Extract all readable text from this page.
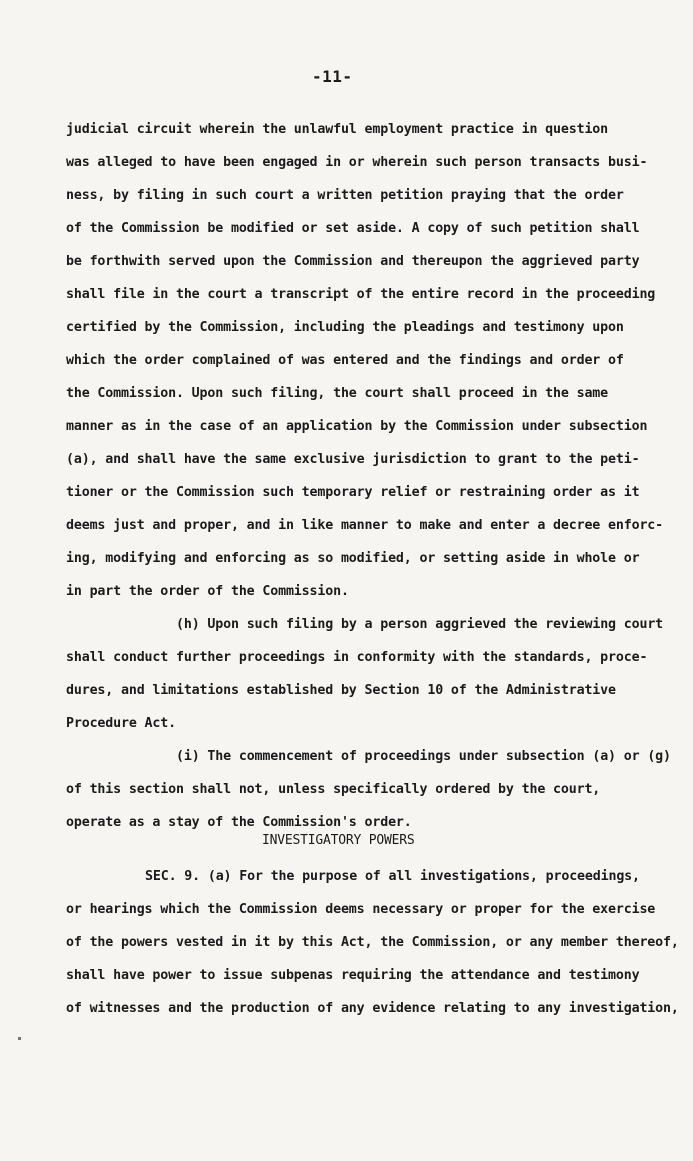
-11-
judicial circuit wherein the unlawful employment practice in question
was alleged to have been engaged in or wherein such person transacts busi-
ness, by filing in such court a written petition praying that the order
of the Commission be modified or set aside. A copy of such petition shall
be forthwith served upon the Commission and thereupon the aggrieved party
shall file in the court a transcript of the entire record in the proceeding
certified by the Commission, including the pleadings and testimony upon
which the order complained of was entered and the findings and order of
the Commission. Upon such filing, the court shall proceed in the same
manner as in the case of an application by the Commission under subsection
(a), and shall have the same exclusive jurisdiction to grant to the peti-
tioner or the Commission such temporary relief or restraining order as it
deems just and proper, and in like manner to make and enter a decree enforc-
ing, modifying and enforcing as so modified, or setting aside in whole or
in part the order of the Commission.
(h) Upon such filing by a person aggrieved the reviewing court
shall conduct further proceedings in conformity with the standards, proce-
dures, and limitations established by Section 10 of the Administrative
Procedure Act.
(i) The commencement of proceedings under subsection (a) or (g)
of this section shall not, unless specifically ordered by the court,
operate as a stay of the Commission's order.
INVESTIGATORY POWERS
SEC. 9. (a) For the purpose of all investigations, proceedings,
or hearings which the Commission deems necessary or proper for the exercise
of the powers vested in it by this Act, the Commission, or any member thereof,
shall have power to issue subpenas requiring the attendance and testimony
of witnesses and the production of any evidence relating to any investigation,
